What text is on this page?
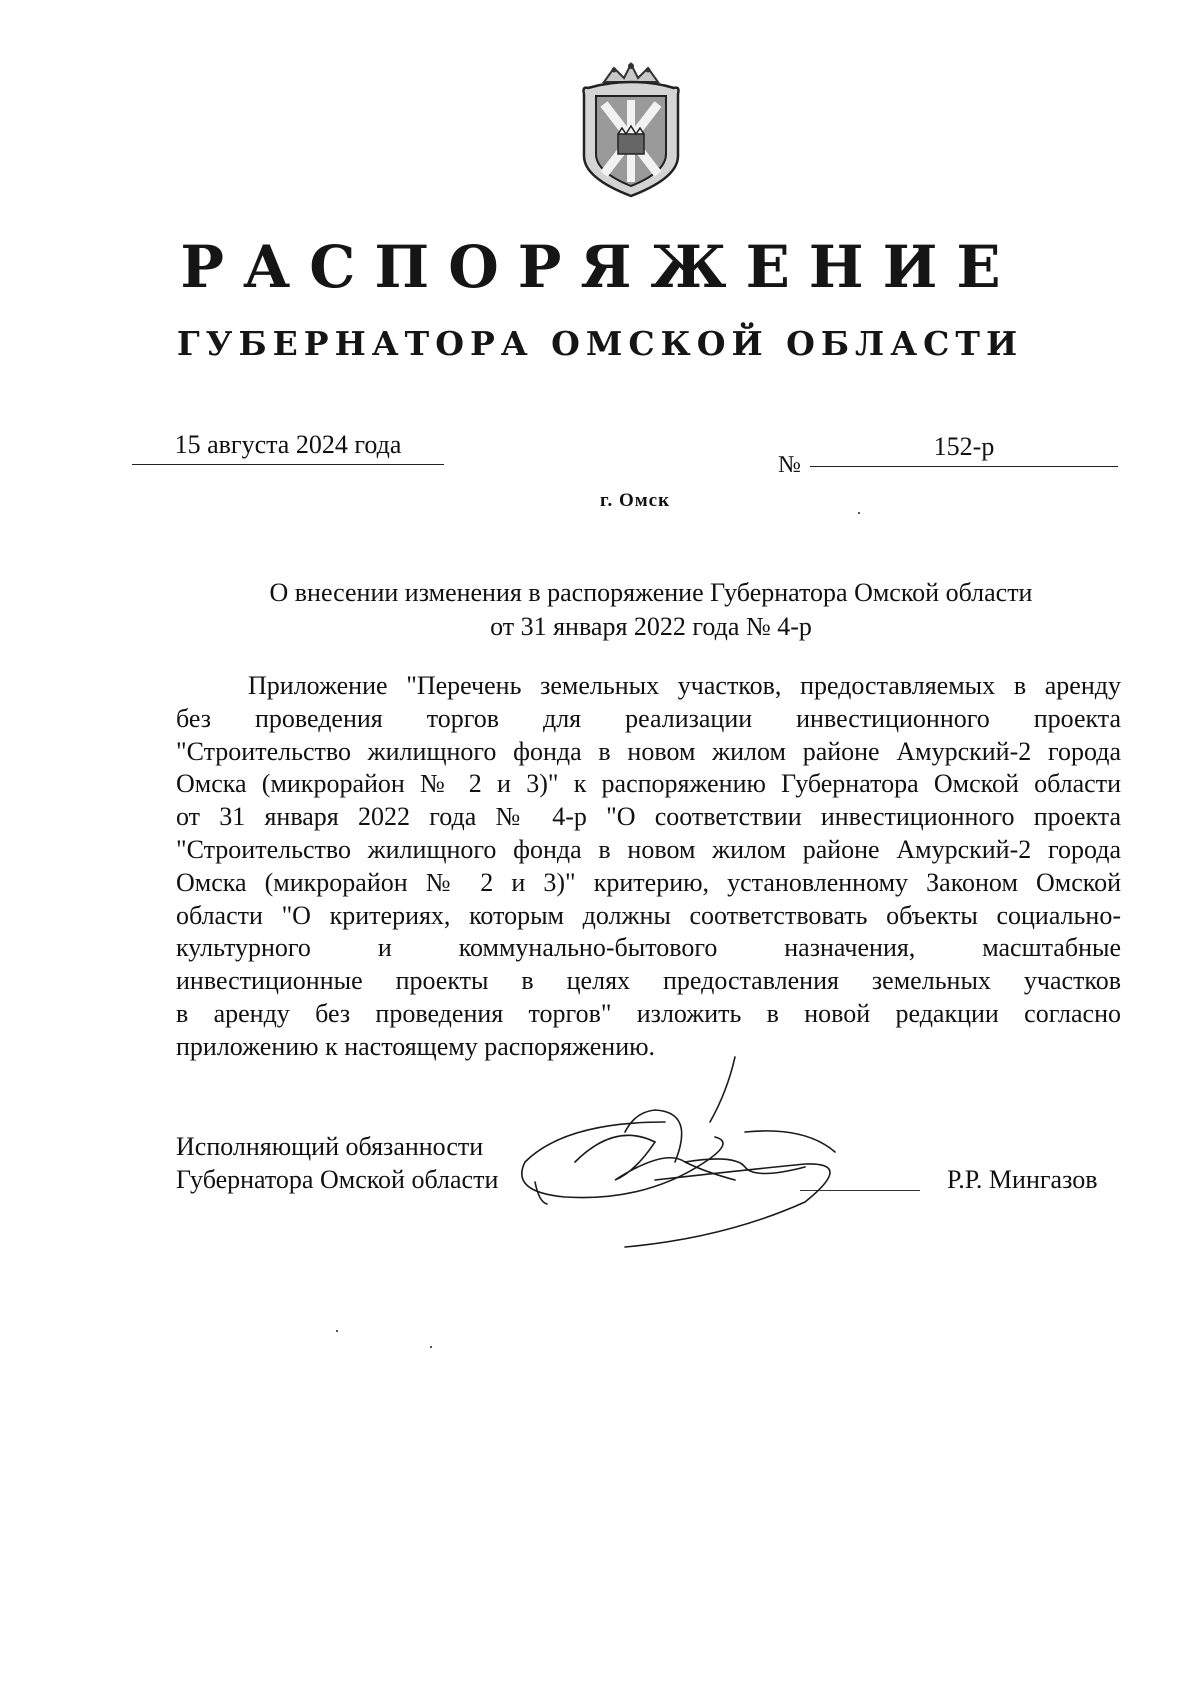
РАСПОРЯЖЕНИЕ
ГУБЕРНАТОРА ОМСКОЙ ОБЛАСТИ
15 августа 2024 года
№
152-р
г. Омск
О внесении изменения в распоряжение Губернатора Омской области
от 31 января 2022 года № 4-р
Приложение "Перечень земельных участков, предоставляемых в аренду
без проведения торгов для реализации инвестиционного проекта
"Строительство жилищного фонда в новом жилом районе Амурский-2 города
Омска (микрорайон № 2 и 3)" к распоряжению Губернатора Омской области
от 31 января 2022 года № 4-р "О соответствии инвестиционного проекта
"Строительство жилищного фонда в новом жилом районе Амурский-2 города
Омска (микрорайон № 2 и 3)" критерию, установленному Законом Омской
области "О критериях, которым должны соответствовать объекты социально-
культурного и коммунально-бытового назначения, масштабные
инвестиционные проекты в целях предоставления земельных участков
в аренду без проведения торгов" изложить в новой редакции согласно
приложению к настоящему распоряжению.
Исполняющий обязанности
Губернатора Омской области	Р.Р. Мингазов
